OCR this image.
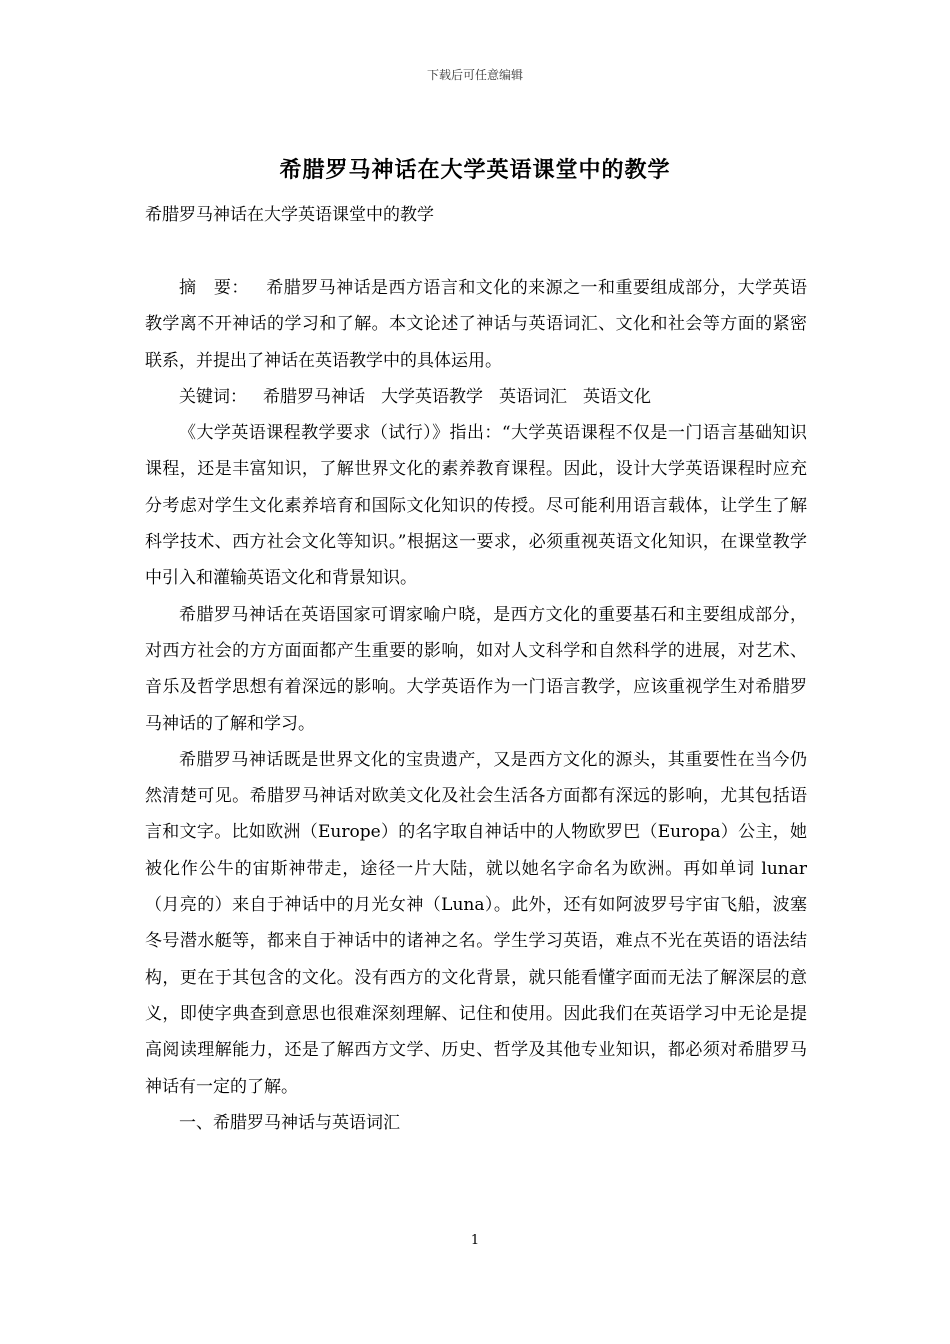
下载后可任意编辑
希腊罗马神话在大学英语课堂中的教学
希腊罗马神话在大学英语课堂中的教学

摘　要： 希腊罗马神话是西方语言和文化的来源之一和重要组成部分，大学英语教学离不开神话的学习和了解。本文论述了神话与英语词汇、文化和社会等方面的紧密联系，并提出了神话在英语教学中的具体运用。

关键词： 希腊罗马神话 大学英语教学 英语词汇 英语文化

《大学英语课程教学要求（试行）》指出：“大学英语课程不仅是一门语言基础知识课程，还是丰富知识，了解世界文化的素养教育课程。因此，设计大学英语课程时应充分考虑对学生文化素养培育和国际文化知识的传授。尽可能利用语言载体，让学生了解科学技术、西方社会文化等知识。”根据这一要求，必须重视英语文化知识，在课堂教学中引入和灌输英语文化和背景知识。

希腊罗马神话在英语国家可谓家喻户晓，是西方文化的重要基石和主要组成部分，对西方社会的方方面面都产生重要的影响，如对人文科学和自然科学的进展，对艺术、音乐及哲学思想有着深远的影响。大学英语作为一门语言教学，应该重视学生对希腊罗马神话的了解和学习。

希腊罗马神话既是世界文化的宝贵遗产，又是西方文化的源头，其重要性在当今仍然清楚可见。希腊罗马神话对欧美文化及社会生活各方面都有深远的影响，尤其包括语言和文字。比如欧洲（Europe）的名字取自神话中的人物欧罗巴（Europa）公主，她被化作公牛的宙斯神带走，途径一片大陆，就以她名字命名为欧洲。再如单词 lunar（月亮的）来自于神话中的月光女神（Luna）。此外，还有如阿波罗号宇宙飞船，波塞冬号潜水艇等，都来自于神话中的诸神之名。学生学习英语，难点不光在英语的语法结构，更在于其包含的文化。没有西方的文化背景，就只能看懂字面而无法了解深层的意义，即使字典查到意思也很难深刻理解、记住和使用。因此我们在英语学习中无论是提高阅读理解能力，还是了解西方文学、历史、哲学及其他专业知识，都必须对希腊罗马神话有一定的了解。

一、希腊罗马神话与英语词汇

1
